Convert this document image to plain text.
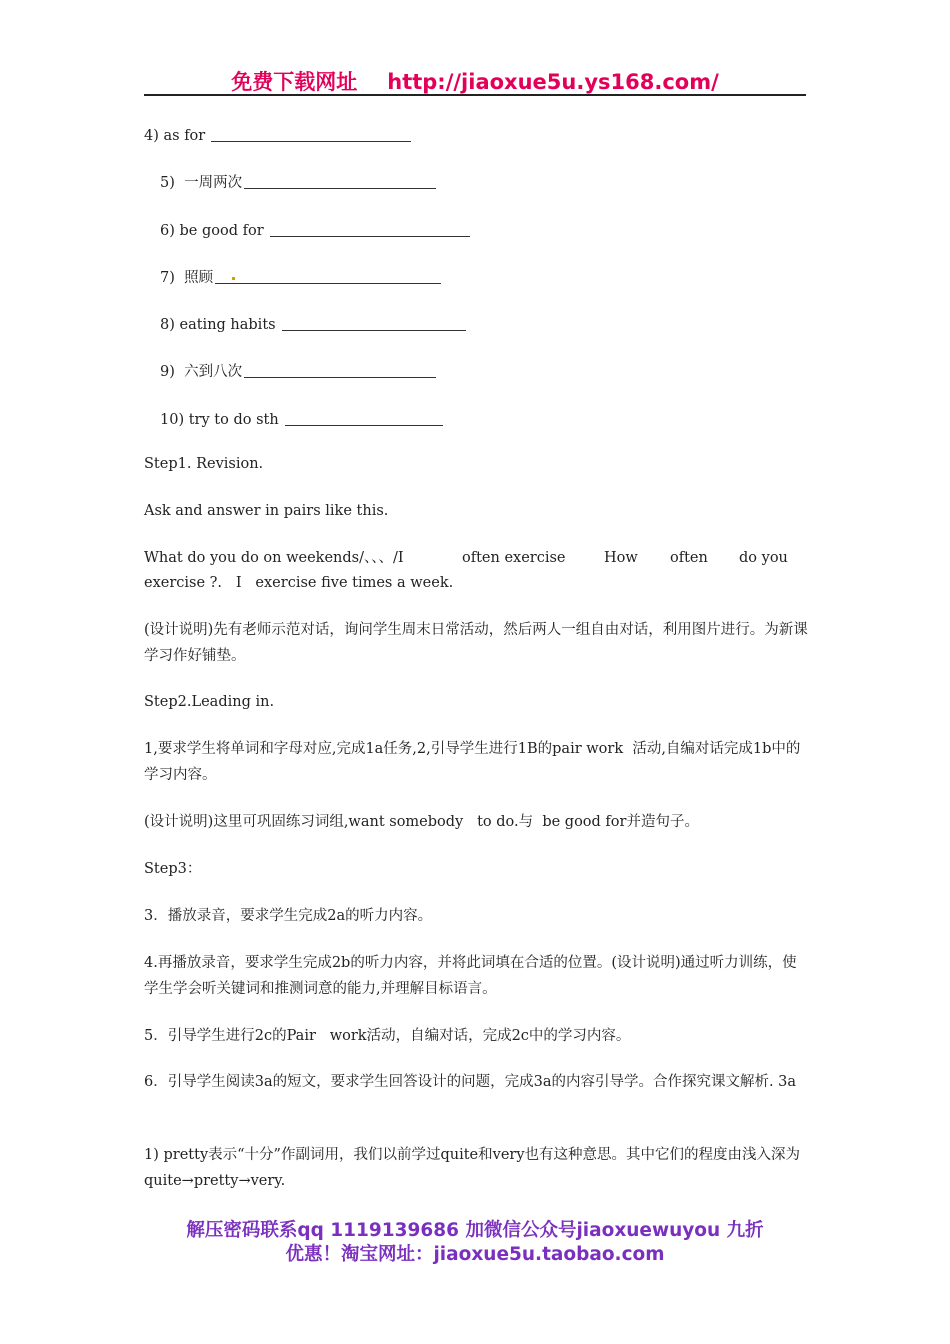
免费下载网址 http://jiaoxue5u.ys168.com/
4) as for
5) 一周两次
6) be good for
7) 照顾
8) eating habits
9) 六到八次
10) try to do sth
Step1. Revision.
Ask and answer in pairs like this.
What do you do on weekends/、、、/I	often exercise	How often do you
exercise ?.   I   exercise five times a week.
(设计说明)先有老师示范对话，询问学生周末日常活动，然后两人一组自由对话，利用图片进行。为新课学习作好铺垫。
Step2.Leading in.
1,要求学生将单词和字母对应,完成1a任务,2,引导学生进行1B的pair work  活动,自编对话完成1b中的学习内容。
(设计说明)这里可巩固练习词组,want somebody   to do.与  be good for并造句子。
Step3：
3．播放录音，要求学生完成2a的听力内容。
4.再播放录音，要求学生完成2b的听力内容，并将此词填在合适的位置。(设计说明)通过听力训练，使学生学会听关键词和推测词意的能力,并理解目标语言。
5．引导学生进行2c的Pair   work活动，自编对话，完成2c中的学习内容。
6．引导学生阅读3a的短文，要求学生回答设计的问题，完成3a的内容引导学。合作探究课文解析. 3a
1) pretty表示“十分”作副词用，我们以前学过quite和very也有这种意思。其中它们的程度由浅入深为quite→pretty→very.
解压密码联系qq 1119139686 加微信公众号jiaoxuewuyou 九折
优惠！淘宝网址：jiaoxue5u.taobao.com
